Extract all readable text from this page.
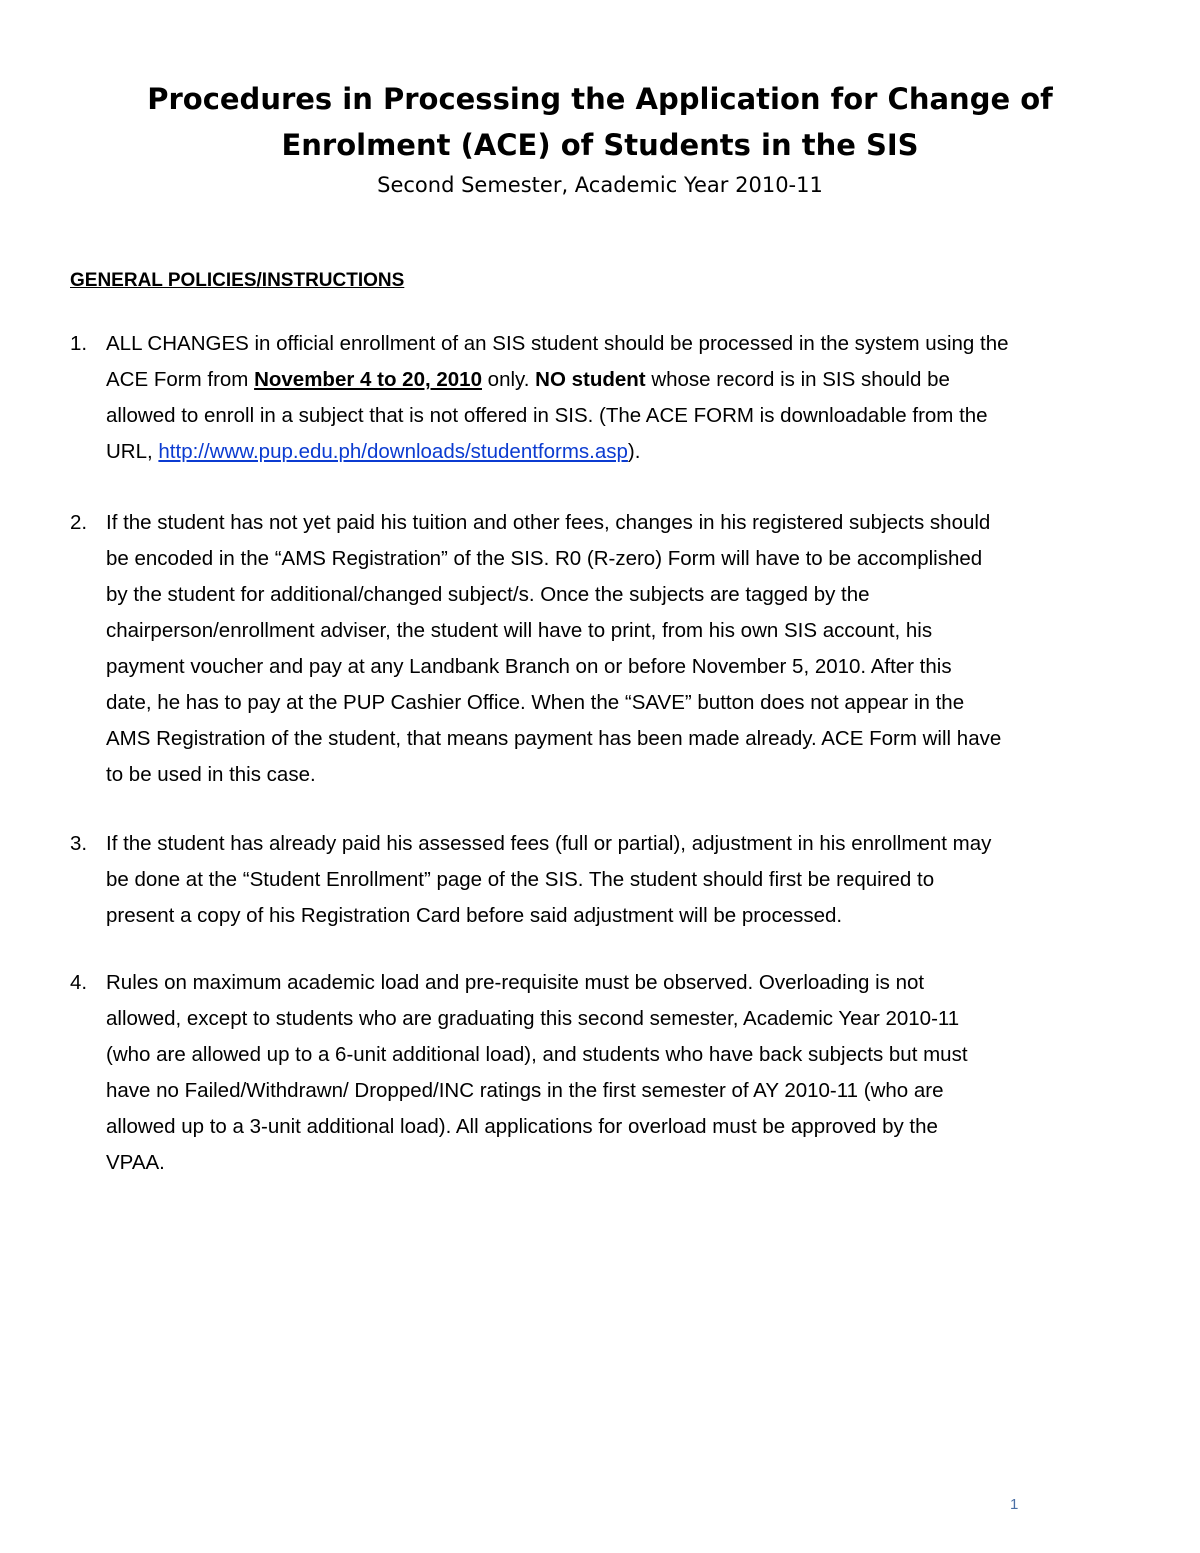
Procedures in Processing the Application for Change of
Enrolment (ACE) of Students in the SIS

Second Semester, Academic Year 2010-11

GENERAL POLICIES/INSTRUCTIONS
1. ALL CHANGES in official enrollment of an SIS student should be processed in the system using the
ACE Form from November 4 to 20, 2010 only. NO student whose record is in SIS should be
allowed to enroll in a subject that is not offered in SIS. (The ACE FORM is downloadable from the
URL, http://www.pup.edu.ph/downloads/studentforms.asp).
2. If the student has not yet paid his tuition and other fees, changes in his registered subjects should
be encoded in the “AMS Registration” of the SIS. R0 (R-zero) Form will have to be accomplished
by the student for additional/changed subject/s. Once the subjects are tagged by the
chairperson/enrollment adviser, the student will have to print, from his own SIS account, his
payment voucher and pay at any Landbank Branch on or before November 5, 2010. After this
date, he has to pay at the PUP Cashier Office. When the “SAVE” button does not appear in the
AMS Registration of the student, that means payment has been made already. ACE Form will have
to be used in this case.
3. If the student has already paid his assessed fees (full or partial), adjustment in his enrollment may
be done at the “Student Enrollment” page of the SIS. The student should first be required to
present a copy of his Registration Card before said adjustment will be processed.
4. Rules on maximum academic load and pre-requisite must be observed. Overloading is not
allowed, except to students who are graduating this second semester, Academic Year 2010-11
(who are allowed up to a 6-unit additional load), and students who have back subjects but must
have no Failed/Withdrawn/ Dropped/INC ratings in the first semester of AY 2010-11 (who are
allowed up to a 3-unit additional load). All applications for overload must be approved by the
VPAA.
1
